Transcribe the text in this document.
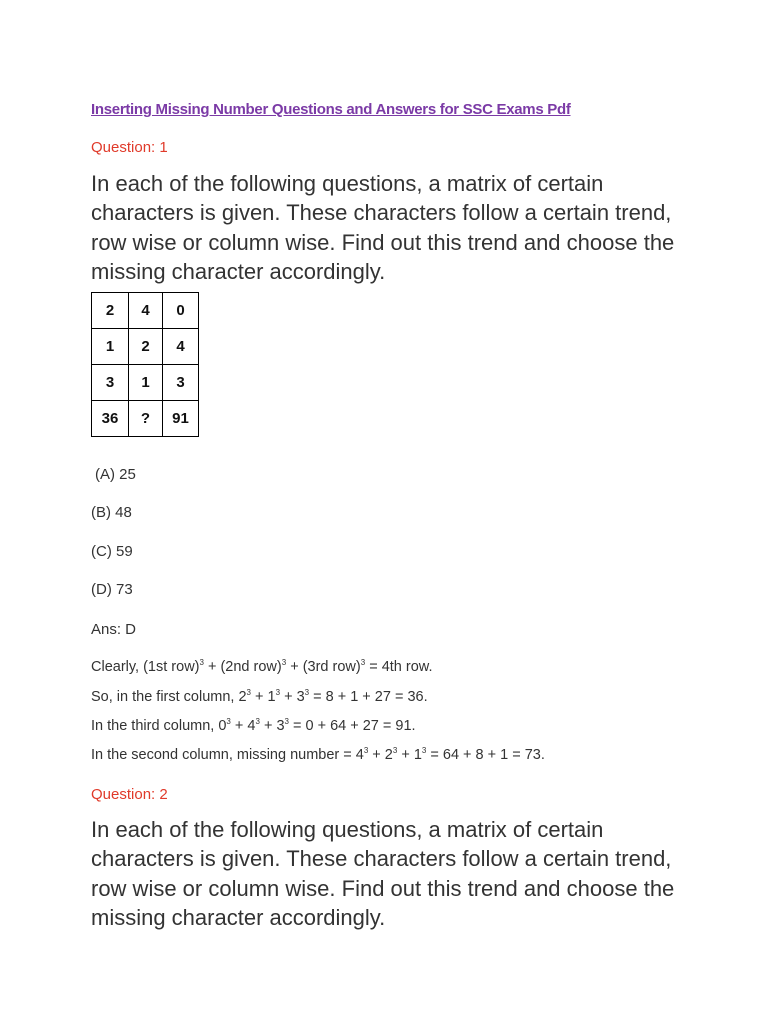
Inserting Missing Number Questions and Answers for SSC Exams Pdf
Question: 1
In each of the following questions, a matrix of certain characters is given. These characters follow a certain trend, row wise or column wise. Find out this trend and choose the missing character accordingly.
2	4	0
1	2	4
3	1	3
36	?	91
(A) 25
(B) 48
(C) 59
(D) 73
Ans: D
Clearly, (1st row)$^3$ + (2nd row)$^3$ + (3rd row)$^3$ = 4th row.
So, in the first column, $2^3 + 1^3 + 3^3 = 8 + 1 + 27 = 36$.
In the third column, $0^3 + 4^3 + 3^3 = 0 + 64 + 27 = 91$.
In the second column, missing number = $4^3 + 2^3 + 1^3 = 64 + 8 + 1 = 73$.
Question: 2
In each of the following questions, a matrix of certain characters is given. These characters follow a certain trend, row wise or column wise. Find out this trend and choose the missing character accordingly.
